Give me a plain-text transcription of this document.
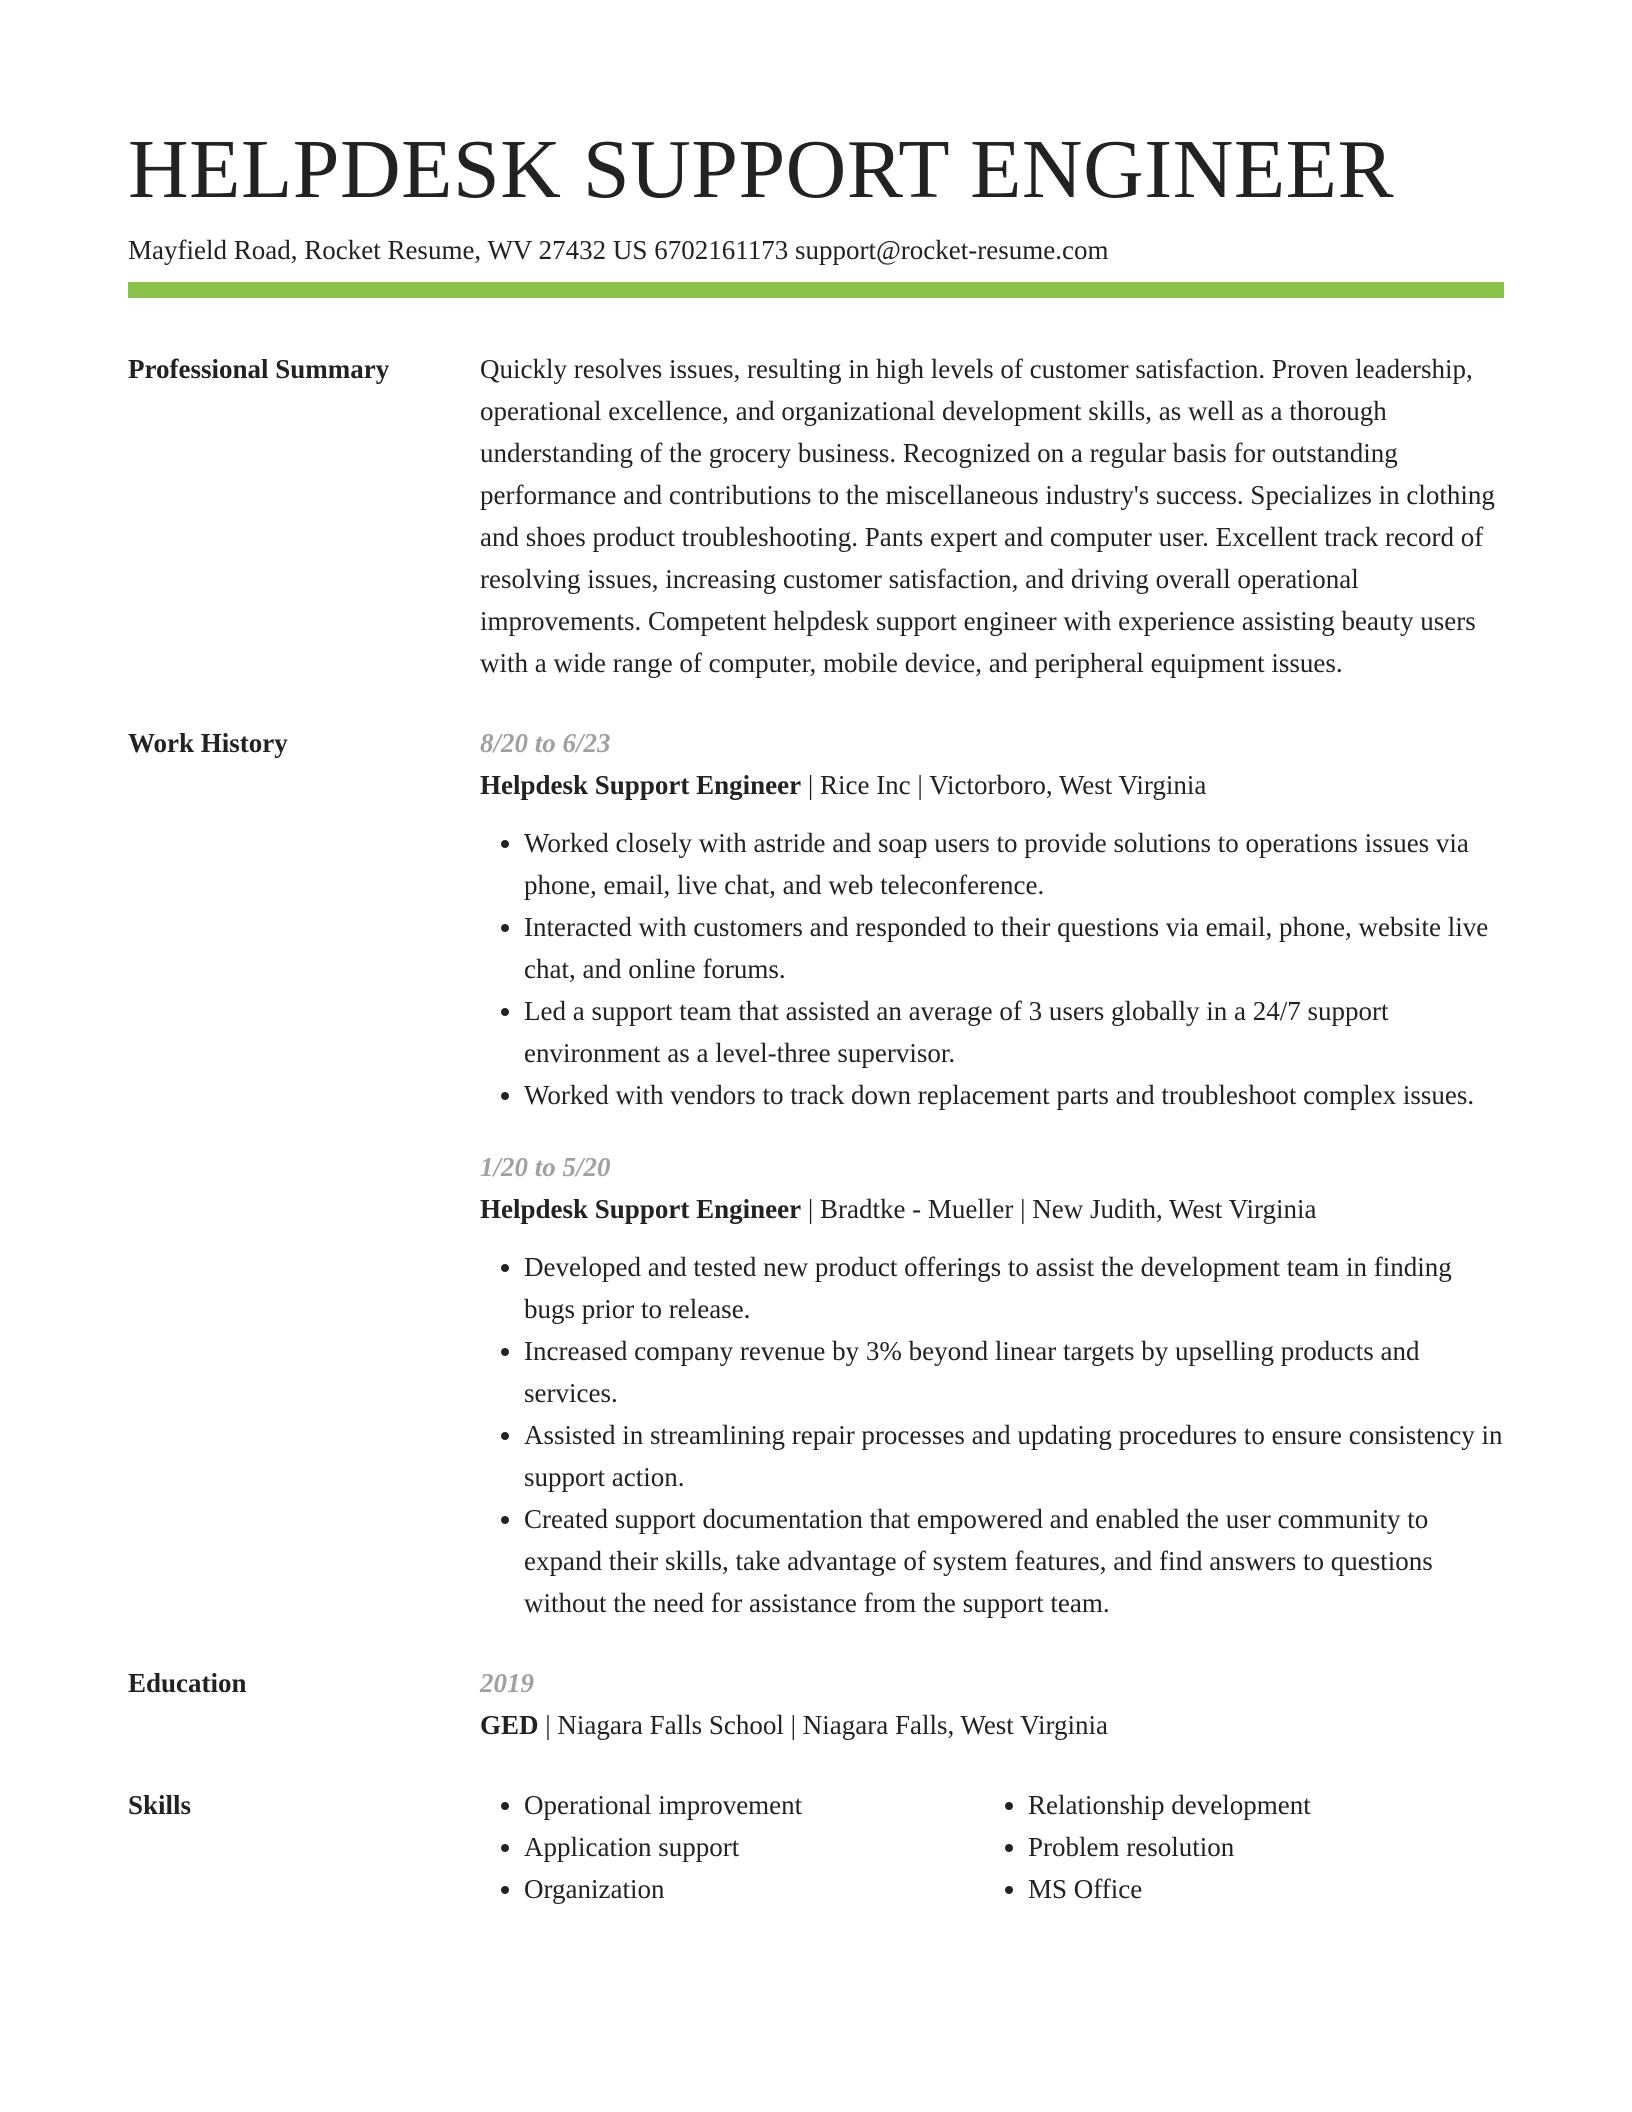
HELPDESK SUPPORT ENGINEER
Mayfield Road, Rocket Resume, WV 27432 US 6702161173 support@rocket-resume.com
Professional Summary	Quickly resolves issues, resulting in high levels of customer satisfaction. Proven leadership, operational excellence, and organizational development skills, as well as a thorough understanding of the grocery business. Recognized on a regular basis for outstanding performance and contributions to the miscellaneous industry's success. Specializes in clothing and shoes product troubleshooting. Pants expert and computer user. Excellent track record of resolving issues, increasing customer satisfaction, and driving overall operational improvements. Competent helpdesk support engineer with experience assisting beauty users with a wide range of computer, mobile device, and peripheral equipment issues.

Work History	8/20 to 6/23
Helpdesk Support Engineer | Rice Inc | Victorboro, West Virginia
• Worked closely with astride and soap users to provide solutions to operations issues via phone, email, live chat, and web teleconference.
• Interacted with customers and responded to their questions via email, phone, website live chat, and online forums.
• Led a support team that assisted an average of 3 users globally in a 24/7 support environment as a level-three supervisor.
• Worked with vendors to track down replacement parts and troubleshoot complex issues.
1/20 to 5/20
Helpdesk Support Engineer | Bradtke - Mueller | New Judith, West Virginia
• Developed and tested new product offerings to assist the development team in finding bugs prior to release.
• Increased company revenue by 3% beyond linear targets by upselling products and services.
• Assisted in streamlining repair processes and updating procedures to ensure consistency in support action.
• Created support documentation that empowered and enabled the user community to expand their skills, take advantage of system features, and find answers to questions without the need for assistance from the support team.
Education	2019
GED | Niagara Falls School | Niagara Falls, West Virginia
Skills
•	Operational improvement
• Application support
• Organization
• Relationship development
• Problem resolution
• MS Office
